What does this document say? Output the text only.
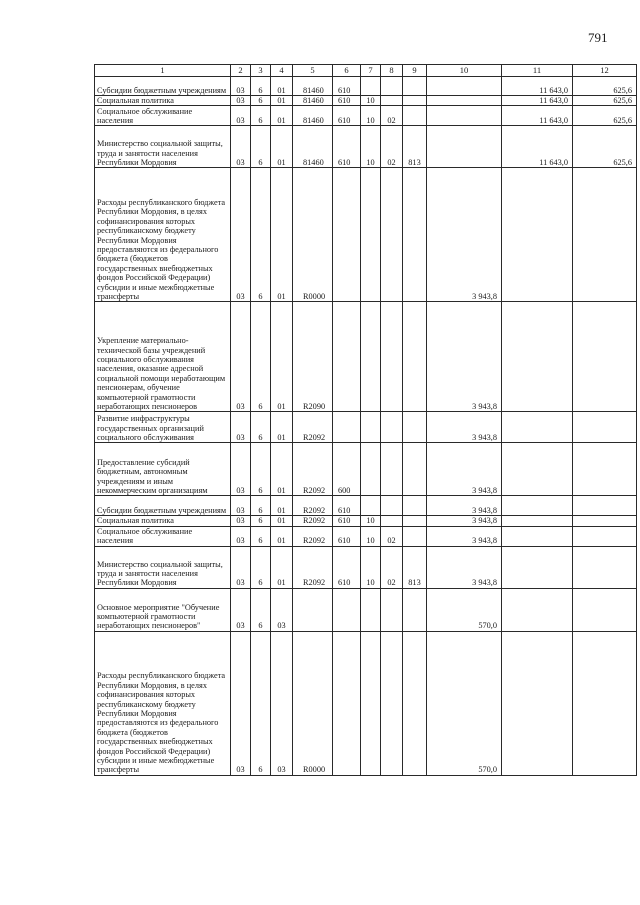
791
1	2	3	4	5	6	7	8	9	10	11	12
Субсидии бюджетным учреждениям	03	6	01	81460	610					11 643,0	625,6
Социальная политика	03	6	01	81460	610	10				11 643,0	625,6
Социальное обслуживание населения	03	6	01	81460	610	10	02			11 643,0	625,6
Министерство социальной защиты, труда и занятости населения Республики Мордовия	03	6	01	81460	610	10	02	813		11 643,0	625,6
Расходы республиканского бюджета Республики Мордовия, в целях софинансирования которых республиканскому бюджету Республики Мордовия предоставляются из федерального бюджета (бюджетов государственных внебюджетных фондов Российской Федерации) субсидии и иные межбюджетные трансферты	03	6	01	R0000					3 943,8		
Укрепление материально-технической базы учреждений социального обслуживания населения, оказание адресной социальной помощи неработающим пенсионерам, обучение компьютерной грамотности неработающих пенсионеров	03	6	01	R2090					3 943,8		
Развитие инфраструктуры государственных организаций социального обслуживания	03	6	01	R2092					3 943,8		
Предоставление субсидий бюджетным, автономным учреждениям и иным некоммерческим организациям	03	6	01	R2092	600				3 943,8		
Субсидии бюджетным учреждениям	03	6	01	R2092	610				3 943,8		
Социальная политика	03	6	01	R2092	610	10			3 943,8		
Социальное обслуживание населения	03	6	01	R2092	610	10	02		3 943,8		
Министерство социальной защиты, труда и занятости населения Республики Мордовия	03	6	01	R2092	610	10	02	813	3 943,8		
Основное мероприятие "Обучение компьютерной грамотности неработающих пенсионеров"	03	6	03						570,0		
Расходы республиканского бюджета Республики Мордовия, в целях софинансирования которых республиканскому бюджету Республики Мордовия предоставляются из федерального бюджета (бюджетов государственных внебюджетных фондов Российской Федерации) субсидии и иные межбюджетные трансферты	03	6	03	R0000					570,0		
